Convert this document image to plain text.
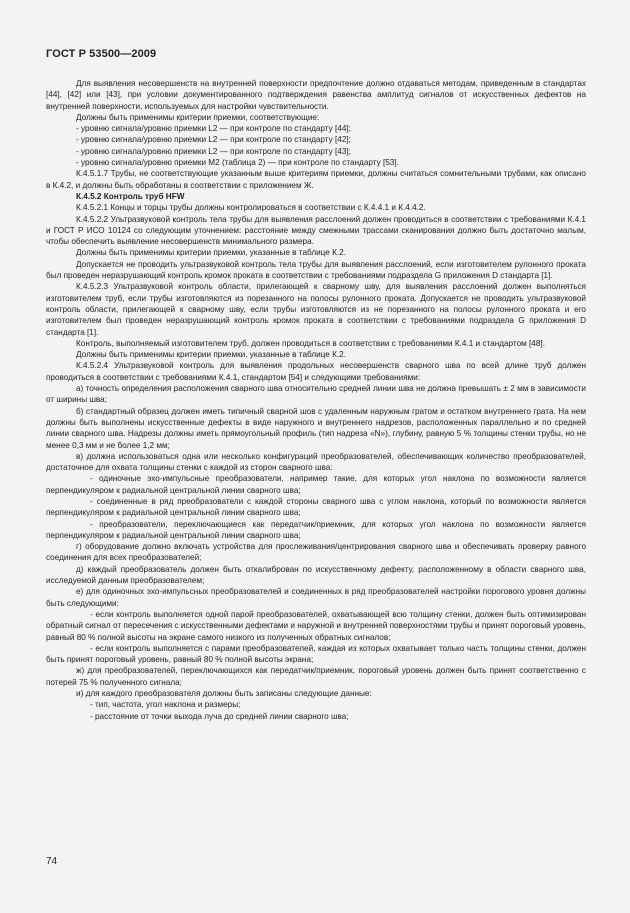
ГОСТ Р 53500—2009

Для выявления несовершенств на внутренней поверхности предпочтение должно отдаваться методам, приведенным в стандартах [44], [42] или [43], при условии документированного подтверждения равенства амплитуд сигналов от искусственных дефектов на внутренней поверхности, используемых для настройки чувствительности.

Должны быть применимы критерии приемки, соответствующие:

- уровню сигнала/уровню приемки L2 — при контроле по стандарту [44];

- уровню сигнала/уровню приемки L2 — при контроле по стандарту [42];

- уровню сигнала/уровню приемки L2 — при контроле по стандарту [43];

- уровню сигнала/уровню приемки М2 (таблица 2) — при контроле по стандарту [53].

К.4.5.1.7 Трубы, не соответствующие указанным выше критериям приемки, должны считаться сомнительными трубами, как описано в К.4.2, и должны быть обработаны в соответствии с приложением Ж.

К.4.5.2 Контроль труб HFW

К.4.5.2.1 Концы и торцы трубы должны контролироваться в соответствии с К.4.4.1 и К.4.4.2.

К.4.5.2.2 Ультразвуковой контроль тела трубы для выявления расслоений должен проводиться в соответствии с требованиями К.4.1 и ГОСТ Р ИСО 10124 со следующим уточнением: расстояние между смежными трассами сканирования должно быть достаточно малым, чтобы обеспечить выявление несовершенств минимального размера.

Должны быть применимы критерии приемки, указанные в таблице К.2.

Допускается не проводить ультразвуковой контроль тела трубы для выявления расслоений, если изготовителем рулонного проката был проведен неразрушающий контроль кромок проката в соответствии с требованиями подраздела G приложения D стандарта [1].

К.4.5.2.3 Ультразвуковой контроль области, прилегающей к сварному шву, для выявления расслоений должен выполняться изготовителем труб, если трубы изготовляются из порезанного на полосы рулонного проката. Допускается не проводить ультразвуковой контроль области, прилегающей к сварному шву, если трубы изготовляются из не порезанного на полосы рулонного проката и его изготовителем был проведен неразрушающий контроль кромок проката в соответствии с требованиями подраздела G приложения D стандарта [1].

Контроль, выполняемый изготовителем труб, должен проводиться в соответствии с требованиями К.4.1 и стандартом [48].

Должны быть применимы критерии приемки, указанные в таблице К.2.

К.4.5.2.4 Ультразвуковой контроль для выявления продольных несовершенств сварного шва по всей длине труб должен проводиться в соответствии с требованиями К.4.1, стандартом [54] и следующими требованиями:

а) точность определения расположения сварного шва относительно средней линии шва не должна превышать ± 2 мм в зависимости от ширины шва;

б) стандартный образец должен иметь типичный сварной шов с удаленным наружным гратом и остатком внутреннего грата. На нем должны быть выполнены искусственные дефекты в виде наружного и внутреннего надрезов, расположенных параллельно и по средней линии сварного шва. Надрезы должны иметь прямоугольный профиль (тип надреза «N»), глубину, равную 5 % толщины стенки трубы, но не менее 0,3 мм и не более 1,2 мм;

в) должна использоваться одна или несколько конфигураций преобразователей, обеспечивающих количество преобразователей, достаточное для охвата толщины стенки с каждой из сторон сварного шва:

- одиночные эхо-импульсные преобразователи, например такие, для которых угол наклона по возможности является перпендикуляром к радиальной центральной линии сварного шва;

- соединенные в ряд преобразователи с каждой стороны сварного шва с углом наклона, который по возможности является перпендикуляром к радиальной центральной линии сварного шва;

- преобразователи, переключающиеся как передатчик/приемник, для которых угол наклона по возможности является перпендикуляром к радиальной центральной линии сварного шва;

г) оборудование должно включать устройства для прослеживания/центрирования сварного шва и обеспечивать проверку равного соединения для всех преобразователей;

д) каждый преобразователь должен быть откалиброван по искусственному дефекту, расположенному в области сварного шва, исследуемой данным преобразователем;

е) для одиночных эхо-импульсных преобразователей и соединенных в ряд преобразователей настройки порогового уровня должны быть следующими:

- если контроль выполняется одной парой преобразователей, охватывающей всю толщину стенки, должен быть оптимизирован обратный сигнал от пересечения с искусственными дефектами и наружной и внутренней поверхностями трубы и принят пороговый уровень, равный 80 % полной высоты на экране самого низкого из полученных обратных сигналов;

- если контроль выполняется с парами преобразователей, каждая из которых охватывает только часть толщины стенки, должен быть принят пороговый уровень, равный 80 % полной высоты экрана;

ж) для преобразователей, переключающихся как передатчик/приемник, пороговый уровень должен быть принят соответственно с потерей 75 % полученного сигнала;

и) для каждого преобразователя должны быть записаны следующие данные:

- тип, частота, угол наклона и размеры;

- расстояние от точки выхода луча до средней линии сварного шва;

74
